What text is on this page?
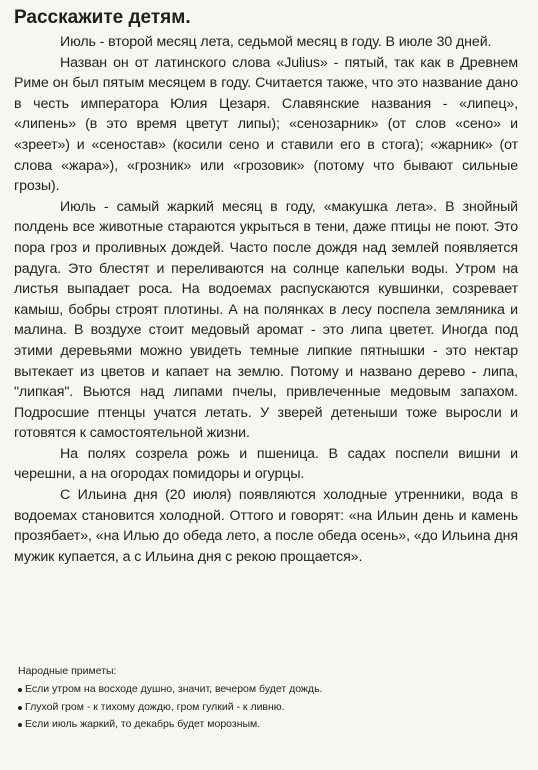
Расскажите детям.

Июль - второй месяц лета, седьмой месяц в году. В июле 30 дней.

Назван он от латинского слова «Julius» - пятый, так как в Древнем Риме он был пятым месяцем в году. Считается также, что это название дано в честь императора Юлия Цезаря. Славянские названия - «липец», «липень» (в это время цветут липы); «сенозарник» (от слов «сено» и «зреет») и «сеностав» (косили сено и ставили его в стога); «жарник» (от слова «жара»), «грозник» или «грозовик» (потому что бывают сильные грозы).

Июль - самый жаркий месяц в году, «макушка лета». В знойный полдень все животные стараются укрыться в тени, даже птицы не поют. Это пора гроз и проливных дождей. Часто после дождя над землей появляется радуга. Это блестят и переливаются на солнце капельки воды. Утром на листья выпадает роса. На водоемах распускаются кувшинки, созревает камыш, бобры строят плотины. А на полянках в лесу поспела земляника и малина. В воздухе стоит медовый аромат - это липа цветет. Иногда под этими деревьями можно увидеть темные липкие пятнышки - это нектар вытекает из цветов и капает на землю. Потому и названо дерево - липа, "липкая". Вьются над липами пчелы, привлеченные медовым запахом. Подросшие птенцы учатся летать. У зверей детеныши тоже выросли и готовятся к самостоятельной жизни.

На полях созрела рожь и пшеница. В садах поспели вишни и черешни, а на огородах помидоры и огурцы.

С Ильина дня (20 июля) появляются холодные утренники, вода в водоемах становится холодной. Оттого и говорят: «на Ильин день и камень прозябает», «на Илью до обеда лето, а после обеда осень», «до Ильина дня мужик купается, а с Ильина дня с рекою прощается».

Народные приметы:

Если утром на восходе душно, значит, вечером будет дождь.
Глухой гром - к тихому дождю, гром гулкий - к ливню.
Если июль жаркий, то декабрь будет морозным.
